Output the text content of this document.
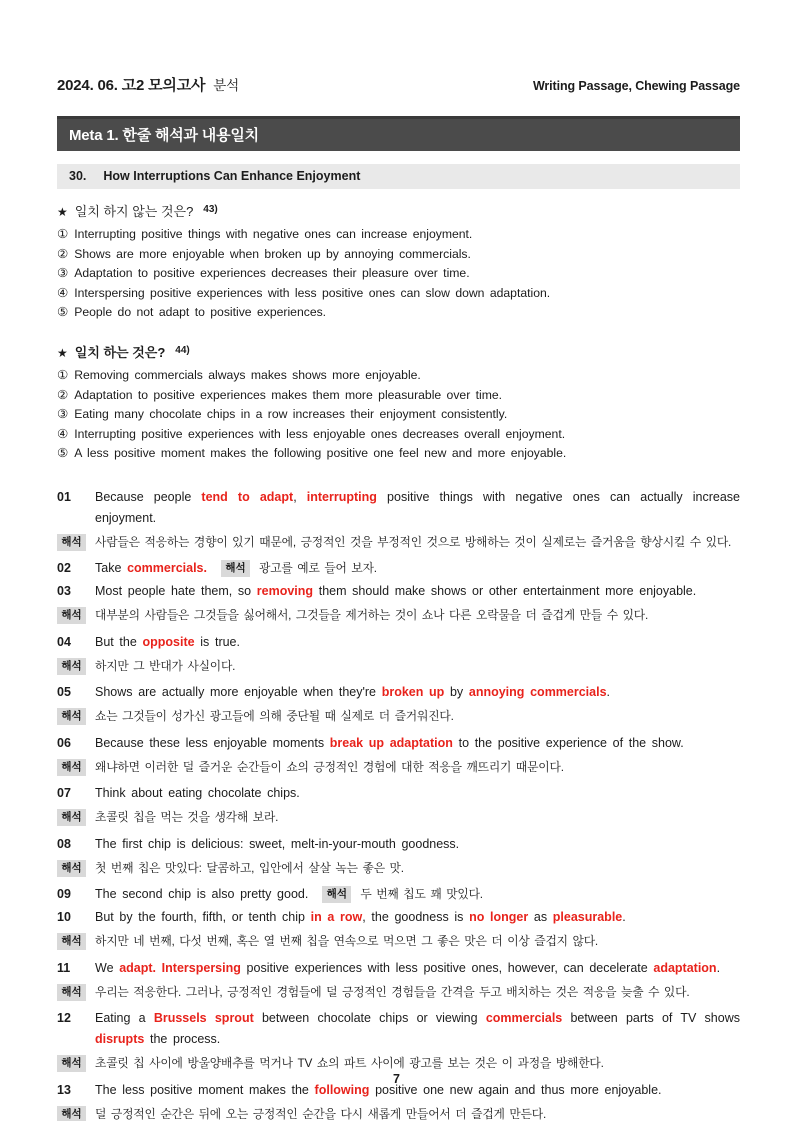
2024. 06. 고2 모의고사 분석	Writing Passage, Chewing Passage
Meta 1. 한줄 해석과 내용일치
30. How Interruptions Can Enhance Enjoyment
★ 일치 하지 않는 것은? $^{43)}$
① Interrupting positive things with negative ones can increase enjoyment.
② Shows are more enjoyable when broken up by annoying commercials.
③ Adaptation to positive experiences decreases their pleasure over time.
④ Interspersing positive experiences with less positive ones can slow down adaptation.
⑤ People do not adapt to positive experiences.
★ 일치 하는 것은? $^{44)}$
① Removing commercials always makes shows more enjoyable.
② Adaptation to positive experiences makes them more pleasurable over time.
③ Eating many chocolate chips in a row increases their enjoyment consistently.
④ Interrupting positive experiences with less enjoyable ones decreases overall enjoyment.
⑤ A less positive moment makes the following positive one feel new and more enjoyable.
01	Because people tend to adapt, interrupting positive things with negative ones can actually increase enjoyment.
해석	사람들은 적응하는 경향이 있기 때문에, 긍정적인 것을 부정적인 것으로 방해하는 것이 실제로는 즐거움을 향상시킬 수 있다.
02	Take commercials. 해석 광고를 예로 들어 보자.
03	Most people hate them, so removing them should make shows or other entertainment more enjoyable.
해석	대부분의 사람들은 그것들을 싫어해서, 그것들을 제거하는 것이 쇼나 다른 오락물을 더 즐겁게 만들 수 있다.
04	But the opposite is true.
해석	하지만 그 반대가 사실이다.
05	Shows are actually more enjoyable when they're broken up by annoying commercials.
해석	쇼는 그것들이 성가신 광고들에 의해 중단될 때 실제로 더 즐거워진다.
06	Because these less enjoyable moments break up adaptation to the positive experience of the show.
해석	왜냐하면 이러한 덜 즐거운 순간들이 쇼의 긍정적인 경험에 대한 적응을 깨뜨리기 때문이다.
07	Think about eating chocolate chips.
해석	초콜릿 칩을 먹는 것을 생각해 보라.
08	The first chip is delicious: sweet, melt-in-your-mouth goodness.
해석	첫 번째 칩은 맛있다: 달콤하고, 입안에서 살살 녹는 좋은 맛.
09	The second chip is also pretty good. 해석 두 번째 칩도 꽤 맛있다.
10	But by the fourth, fifth, or tenth chip in a row, the goodness is no longer as pleasurable.
해석	하지만 네 번째, 다섯 번째, 혹은 열 번째 칩을 연속으로 먹으면 그 좋은 맛은 더 이상 즐겁지 않다.
11	We adapt. Interspersing positive experiences with less positive ones, however, can decelerate adaptation.
해석	우리는 적응한다. 그러나, 긍정적인 경험들에 덜 긍정적인 경험들을 간격을 두고 배치하는 것은 적응을 늦출 수 있다.
12	Eating a Brussels sprout between chocolate chips or viewing commercials between parts of TV shows disrupts the process.
해석	초콜릿 칩 사이에 방울양배추를 먹거나 TV 쇼의 파트 사이에 광고를 보는 것은 이 과정을 방해한다.
13	The less positive moment makes the following positive one new again and thus more enjoyable.
해석	덜 긍정적인 순간은 뒤에 오는 긍정적인 순간을 다시 새롭게 만들어서 더 즐겁게 만든다.
7
